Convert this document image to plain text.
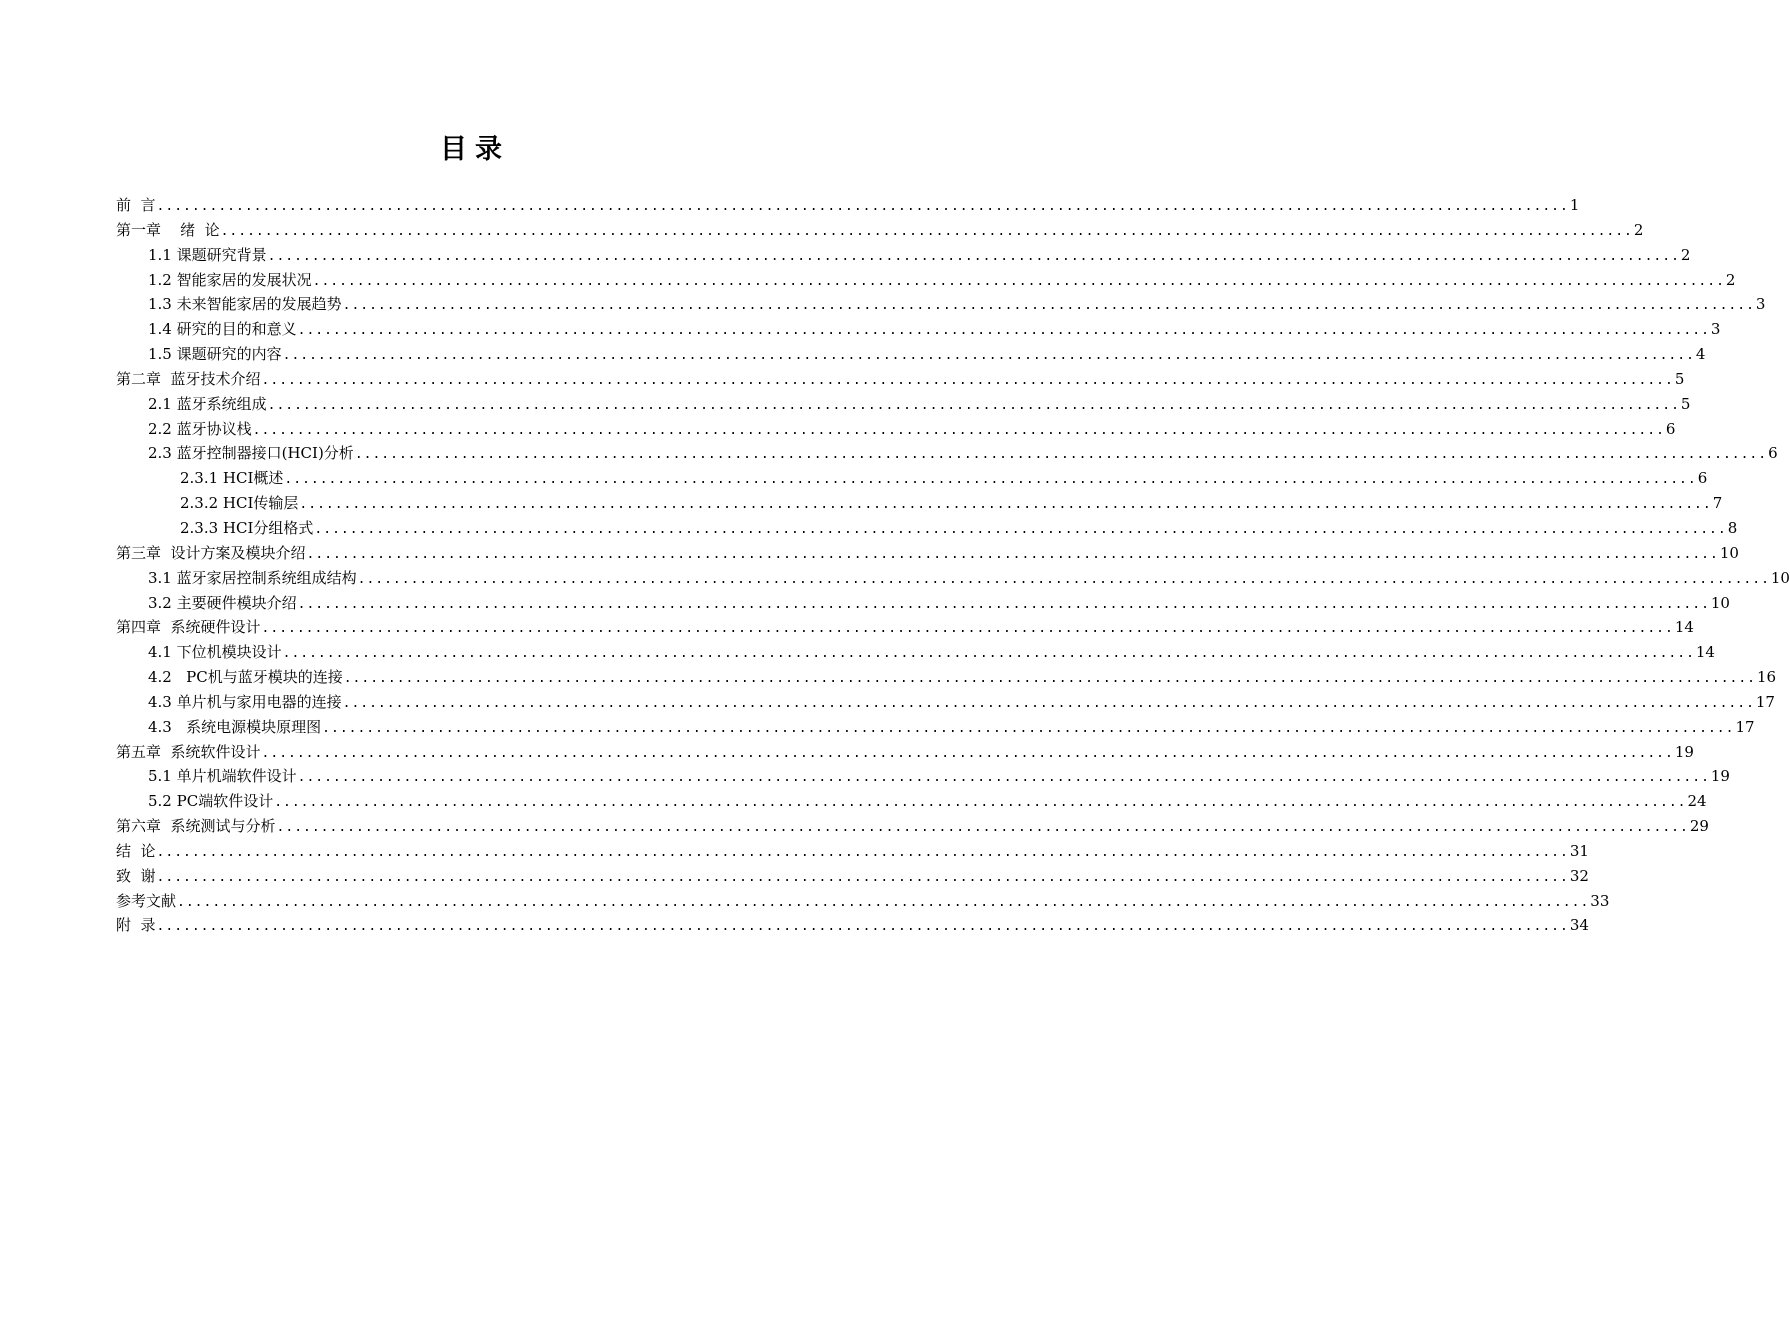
目录
前  言 ................................................................................................................................................................ 1
第一章    绪  论 ................................................................................................................................................................ 2
1.1 课题研究背景 ................................................................................................................................................................ 2
1.2 智能家居的发展状况 ................................................................................................................................................................ 2
1.3 未来智能家居的发展趋势 ................................................................................................................................................................ 3
1.4 研究的目的和意义 ................................................................................................................................................................ 3
1.5 课题研究的内容 ................................................................................................................................................................ 4
第二章  蓝牙技术介绍 ................................................................................................................................................................ 5
2.1 蓝牙系统组成 ................................................................................................................................................................ 5
2.2 蓝牙协议栈 ................................................................................................................................................................ 6
2.3 蓝牙控制器接口(HCI)分析 ................................................................................................................................................................ 6
2.3.1 HCI概述 ................................................................................................................................................................ 6
2.3.2 HCI传输层 ................................................................................................................................................................ 7
2.3.3 HCI分组格式 ................................................................................................................................................................ 8
第三章  设计方案及模块介绍 ................................................................................................................................................................ 10
3.1 蓝牙家居控制系统组成结构 ................................................................................................................................................................ 10
3.2 主要硬件模块介绍 ................................................................................................................................................................ 10
第四章  系统硬件设计 ................................................................................................................................................................ 14
4.1 下位机模块设计 ................................................................................................................................................................ 14
4.2   PC机与蓝牙模块的连接 ................................................................................................................................................................ 16
4.3 单片机与家用电器的连接 ................................................................................................................................................................ 17
4.3   系统电源模块原理图 ................................................................................................................................................................ 17
第五章  系统软件设计 ................................................................................................................................................................ 19
5.1 单片机端软件设计 ................................................................................................................................................................ 19
5.2 PC端软件设计 ................................................................................................................................................................ 24
第六章  系统测试与分析 ................................................................................................................................................................ 29
结  论 ................................................................................................................................................................ 31
致  谢 ................................................................................................................................................................ 32
参考文献 ................................................................................................................................................................ 33
附  录 ................................................................................................................................................................ 34
